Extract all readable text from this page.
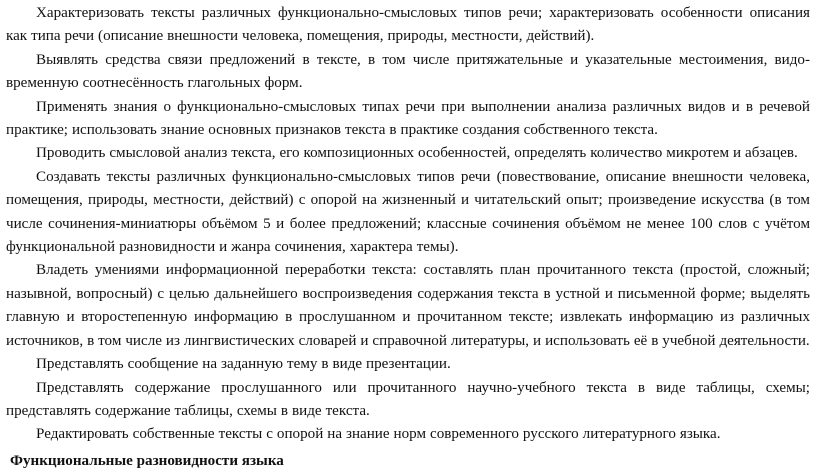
Характеризовать тексты различных функционально-смысловых типов речи; характеризовать особенности описания как типа речи (описание внешности человека, помещения, природы, местности, действий).

Выявлять средства связи предложений в тексте, в том числе притяжательные и указательные местоимения, видо-временную соотнесённость глагольных форм.

Применять знания о функционально-смысловых типах речи при выполнении анализа различных видов и в речевой практике; использовать знание основных признаков текста в практике создания собственного текста.

Проводить смысловой анализ текста, его композиционных особенностей, определять количество микротем и абзацев.

Создавать тексты различных функционально-смысловых типов речи (повествование, описание внешности человека, помещения, природы, местности, действий) с опорой на жизненный и читательский опыт; произведение искусства (в том числе сочинения-миниатюры объёмом 5 и более предложений; классные сочинения объёмом не менее 100 слов с учётом функциональной разновидности и жанра сочинения, характера темы).

Владеть умениями информационной переработки текста: составлять план прочитанного текста (простой, сложный; назывной, вопросный) с целью дальнейшего воспроизведения содержания текста в устной и письменной форме; выделять главную и второстепенную информацию в прослушанном и прочитанном тексте; извлекать информацию из различных источников, в том числе из лингвистических словарей и справочной литературы, и использовать её в учебной деятельности.

Представлять сообщение на заданную тему в виде презентации.

Представлять содержание прослушанного или прочитанного научно-учебного текста в виде таблицы, схемы; представлять содержание таблицы, схемы в виде текста.

Редактировать собственные тексты с опорой на знание норм современного русского литературного языка.

Функциональные разновидности языка
